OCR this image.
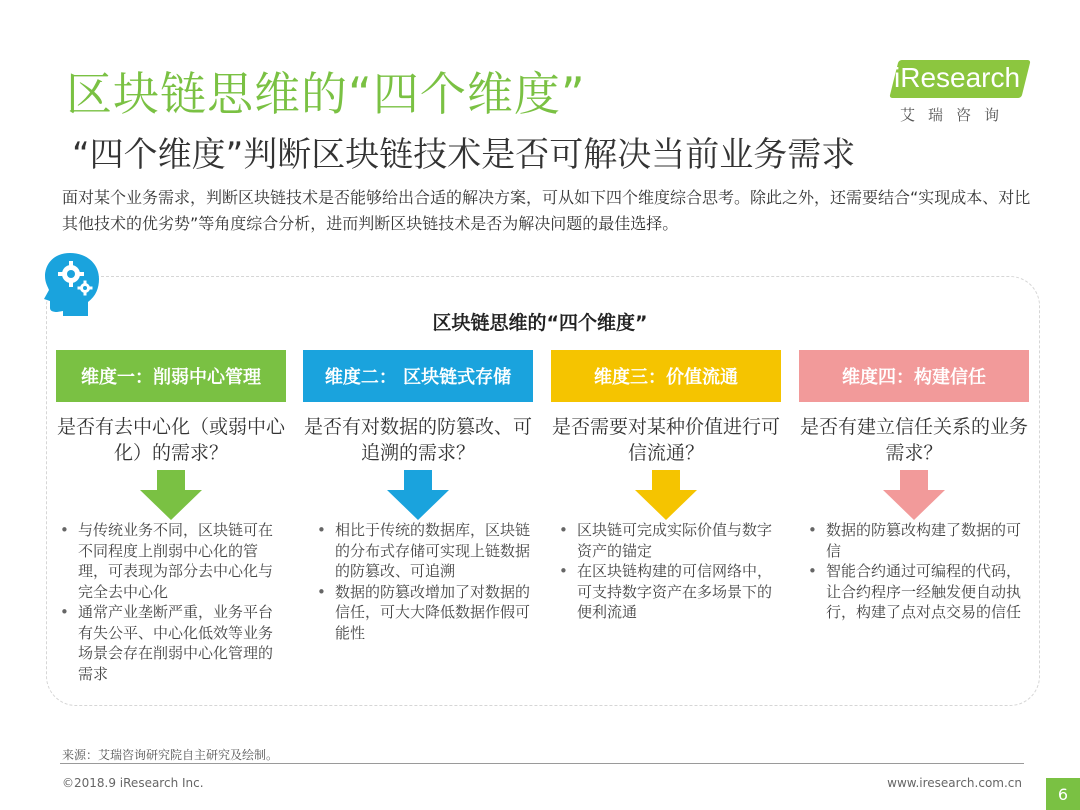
区块链思维的“四个维度”	iResearch
艾瑞咨询
“四个维度”判断区块链技术是否可解决当前业务需求
面对某个业务需求，判断区块链技术是否能够给出合适的解决方案，可从如下四个维度综合思考。除此之外，还需要结合“实现成本、对比其他技术的优劣势”等角度综合分析，进而判断区块链技术是否为解决问题的最佳选择。
区块链思维的“四个维度”
维度一：削弱中心管理
是否有去中心化（或弱中心化）的需求？
• 与传统业务不同，区块链可在不同程度上削弱中心化的管理，可表现为部分去中心化与完全去中心化
• 通常产业垄断严重，业务平台有失公平、中心化低效等业务场景会存在削弱中心化管理的需求
维度二： 区块链式存储
是否有对数据的防篡改、可追溯的需求？
• 相比于传统的数据库，区块链的分布式存储可实现上链数据的防篡改、可追溯
• 数据的防篡改增加了对数据的信任，可大大降低数据作假可能性
维度三：价值流通
是否需要对某种价值进行可信流通？
• 区块链可完成实际价值与数字资产的锚定
• 在区块链构建的可信网络中，可支持数字资产在多场景下的便利流通
维度四：构建信任
是否有建立信任关系的业务需求？
• 数据的防篡改构建了数据的可信
• 智能合约通过可编程的代码，让合约程序一经触发便自动执行，构建了点对点交易的信任
来源：艾瑞咨询研究院自主研究及绘制。
©2018.9 iResearch Inc.	www.iresearch.com.cn
6
